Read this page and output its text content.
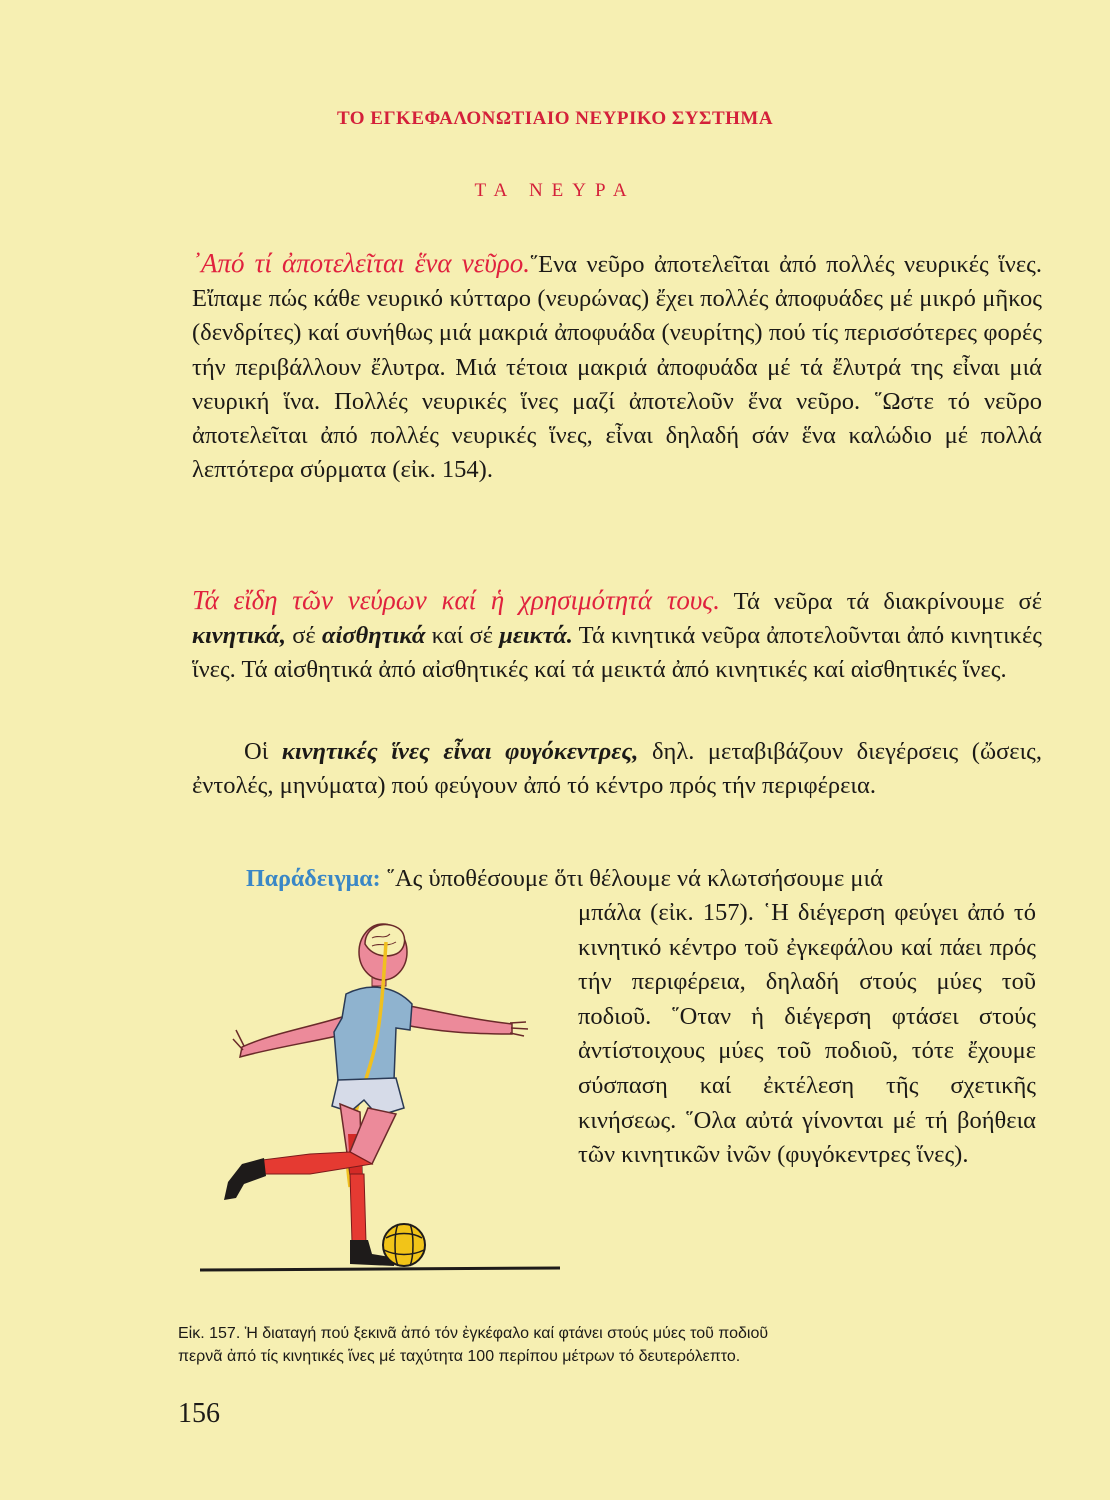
ΤΟ ΕΓΚΕΦΑΛΟΝΩΤΙΑΙΟ ΝΕΥΡΙΚΟ ΣΥΣΤΗΜΑ
ΤΑ ΝΕΥΡΑ
᾿Από τί ἀποτελεῖται ἕνα νεῦρο.῞Ενα νεῦρο ἀποτελεῖται ἀπό πολλές νευρικές ἵνες. Εἴπαμε πώς κάθε νευρικό κύτταρο (νευρώνας) ἔχει πολλές ἀποφυάδες μέ μικρό μῆκος (δενδρίτες) καί συνήθως μιά μακριά ἀποφυάδα (νευρίτης) πού τίς περισσότερες φορές τήν περιβάλλουν ἔλυτρα. Μιά τέτοια μακριά ἀποφυάδα μέ τά ἔλυτρά της εἶναι μιά νευρική ἵνα. Πολλές νευρικές ἵνες μαζί ἀποτελοῦν ἕνα νεῦρο. ῞Ωστε τό νεῦρο ἀποτελεῖται ἀπό πολλές νευρικές ἵνες, εἶναι δηλαδή σάν ἕνα καλώδιο μέ πολλά λεπτότερα σύρματα (εἰκ. 154).
Τά εἴδη τῶν νεύρων καί ἡ χρησιμότητά τους. Τά νεῦρα τά διακρίνουμε σέ κινητικά, σέ αἰσθητικά καί σέ μεικτά. Τά κινητικά νεῦρα ἀποτελοῦνται ἀπό κινητικές ἵνες. Τά αἰσθητικά ἀπό αἰσθητικές καί τά μεικτά ἀπό κινητικές καί αἰσθητικές ἵνες.
Οἱ κινητικές ἵνες εἶναι φυγόκεντρες, δηλ. μεταβιβάζουν διεγέρσεις (ὤσεις, ἐντολές, μηνύματα) πού φεύγουν ἀπό τό κέντρο πρός τήν περιφέρεια.
Παράδειγμα: ῞Ας ὑποθέσουμε ὅτι θέλουμε νά κλωτσήσουμε μιά
μπάλα (εἰκ. 157). ῾Η διέγερση φεύγει ἀπό τό κινητικό κέντρο τοῦ ἐγκεφάλου καί πάει πρός τήν περιφέρεια, δηλαδή στούς μύες τοῦ ποδιοῦ. ῞Οταν ἡ διέγερση φτάσει στούς ἀντίστοιχους μύες τοῦ ποδιοῦ, τότε ἔχουμε σύσπαση καί ἐκτέλεση τῆς σχετικῆς κινήσεως. ῞Ολα αὐτά γίνονται μέ τή βοήθεια τῶν κινητικῶν ἰνῶν (φυγόκεντρες ἵνες).
Εἰκ. 157. Ἡ διαταγή πού ξεκινᾶ ἀπό τόν ἐγκέφαλο καί φτάνει στούς μύες τοῦ ποδιοῦ
περνᾶ ἀπό τίς κινητικές ἵνες μέ ταχύτητα 100 περίπου μέτρων τό δευτερόλεπτο.
156
